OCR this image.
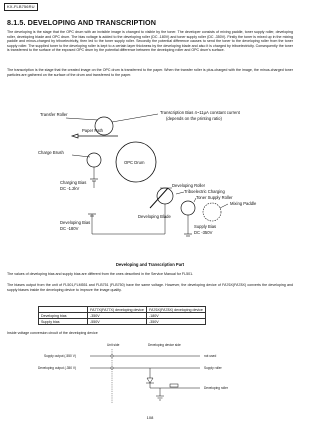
KX-FLB756RU
8.1.5. DEVELOPING AND TRANSCRIPTION

The developing is the stage that the OPC drum with an invisible image is changed to visible by the toner. The developer consists of mixing paddle, toner supply roller, developing roller, developing blade and OPC drum. The bias voltage is added to the developing roller (DC -180V) and toner supply roller (DC -350V). Firstly the toner is mixed up in the mixing paddle and minus-charged by triboelectricity, then led to the toner supply roller. Secondly the potential difference causes to send the toner to the developing roller from the toner supply roller. The supplied toner to the developing roller is kept to a certain layer thickness by the developing blade and also it is charged by triboelectricity. Consequently the toner is transferred to the surface of the exposed OPC drum by the potential difference between the developing roller and OPC drum's surface.

The transcription is the stage that the created image on the OPC drum is transferred to the paper. When the transfer roller is plus-charged with the image, the minus-charged toner particles are gathered on the surface of the drum and transferred to the paper.

Transfer Roller	Transcription Bias 4~11μA constant current
(depends on the printing ratio)
Paper Path
Charge Brush
OPC Drum
Developing Roller
Triboelectric Charging
Toner Supply Roller
Mixing Paddle
Charging Bias
DC -1.2kV
Developing Blade
Developing Bias
DC -180V	Supply Bias
DC -350V
Developing and Transcription Part

The values of developing bias and supply bias are different from the ones described in the Service Manual for FL501.

The biases output from the unit of FL501,FLM551 and FLB751 (FLB750) have the same voltage. However, the developing device of FA76X(FA78X) converts the developing and supply biases inside the developing device to improve the image quality.

	FA77X(FA77X) developing device	FA76X(FA78X) developing device
Developing bias	-350V	-180V
Supply bias	-550V	-350V
Inside voltage conversion circuit of the developing device
Unit side	Developing device side
Supply output (-550 V)	not used
Developing output (-350 V)	Supply roller
Developing roller
108
